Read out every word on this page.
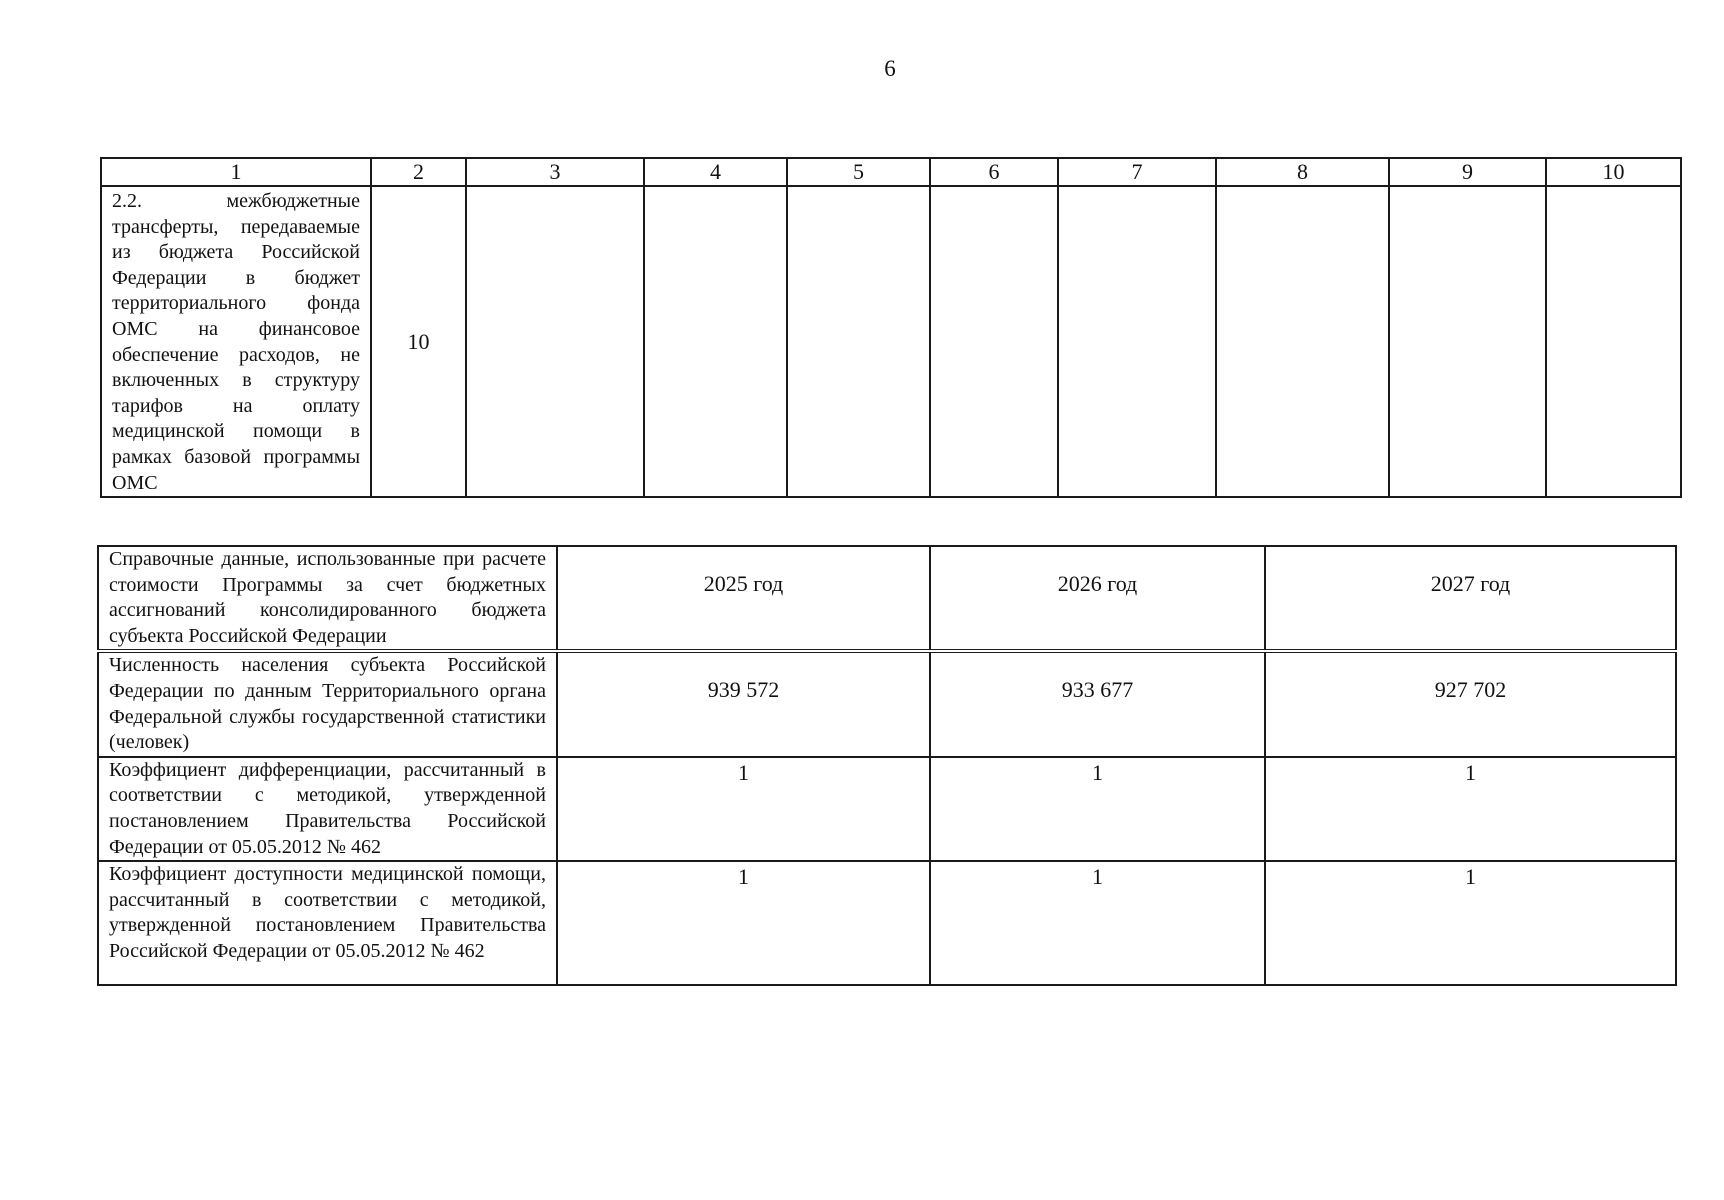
6
1	2	3	4	5	6	7	8	9	10
2.2. межбюджетные трансферты, передаваемые из бюджета Российской Федерации в бюджет территориального фонда ОМС на финансовое обеспечение расходов, не включенных в структуру тарифов на оплату медицинской помощи в рамках базовой программы ОМС	10								
Справочные данные, использованные при расчете стоимости Программы за счет бюджетных ассигнований консолидированного бюджета субъекта Российской Федерации	2025 год	2026 год	2027 год
Численность населения субъекта Российской Федерации по данным Территориального органа Федеральной службы государственной статистики (человек)	939 572	933 677	927 702
Коэффициент дифференциации, рассчитанный в соответствии с методикой, утвержденной постановлением Правительства Российской Федерации от 05.05.2012 № 462	1	1	1
Коэффициент доступности медицинской помощи, рассчитанный в соответствии с методикой, утвержденной постановлением Правительства Российской Федерации от 05.05.2012 № 462	1	1	1
